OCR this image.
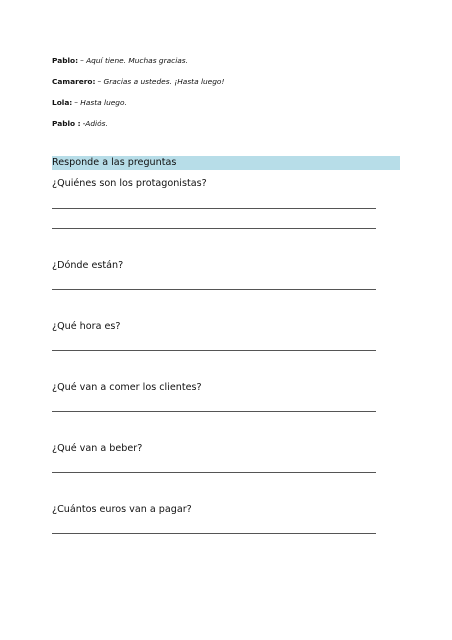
Pablo: – Aquí tiene. Muchas gracias.
Camarero: – Gracias a ustedes. ¡Hasta luego!
Lola: – Hasta luego.
Pablo : -Adiós.
Responde a las preguntas
¿Quiénes son los protagonistas?
¿Dónde están?
¿Qué hora es?
¿Qué van a comer los clientes?
¿Qué van a beber?
¿Cuántos euros van a pagar?
